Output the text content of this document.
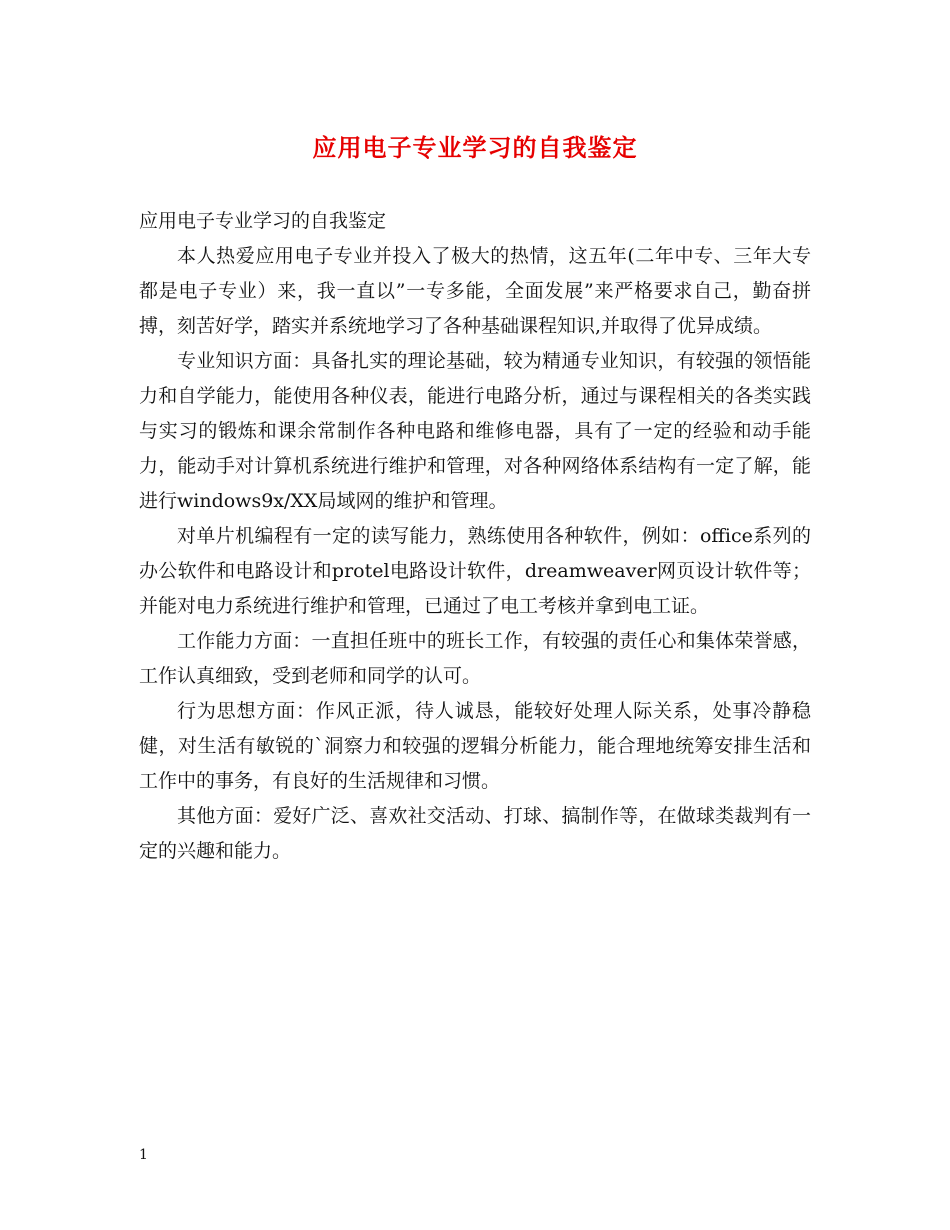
应用电子专业学习的自我鉴定

应用电子专业学习的自我鉴定

本人热爱应用电子专业并投入了极大的热情，这五年(二年中专、三年大专都是电子专业）来，我一直以”一专多能，全面发展”来严格要求自己，勤奋拼搏，刻苦好学，踏实并系统地学习了各种基础课程知识,并取得了优异成绩。

专业知识方面：具备扎实的理论基础，较为精通专业知识，有较强的领悟能力和自学能力，能使用各种仪表，能进行电路分析，通过与课程相关的各类实践与实习的锻炼和课余常制作各种电路和维修电器，具有了一定的经验和动手能力，能动手对计算机系统进行维护和管理，对各种网络体系结构有一定了解，能进行windows9x/XX局域网的维护和管理。

对单片机编程有一定的读写能力，熟练使用各种软件，例如：office系列的办公软件和电路设计和protel电路设计软件，dreamweaver网页设计软件等；并能对电力系统进行维护和管理，已通过了电工考核并拿到电工证。

工作能力方面：一直担任班中的班长工作，有较强的责任心和集体荣誉感，工作认真细致，受到老师和同学的认可。

行为思想方面：作风正派，待人诚恳，能较好处理人际关系，处事冷静稳健，对生活有敏锐的`洞察力和较强的逻辑分析能力，能合理地统筹安排生活和工作中的事务，有良好的生活规律和习惯。

其他方面：爱好广泛、喜欢社交活动、打球、搞制作等，在做球类裁判有一定的兴趣和能力。

1
